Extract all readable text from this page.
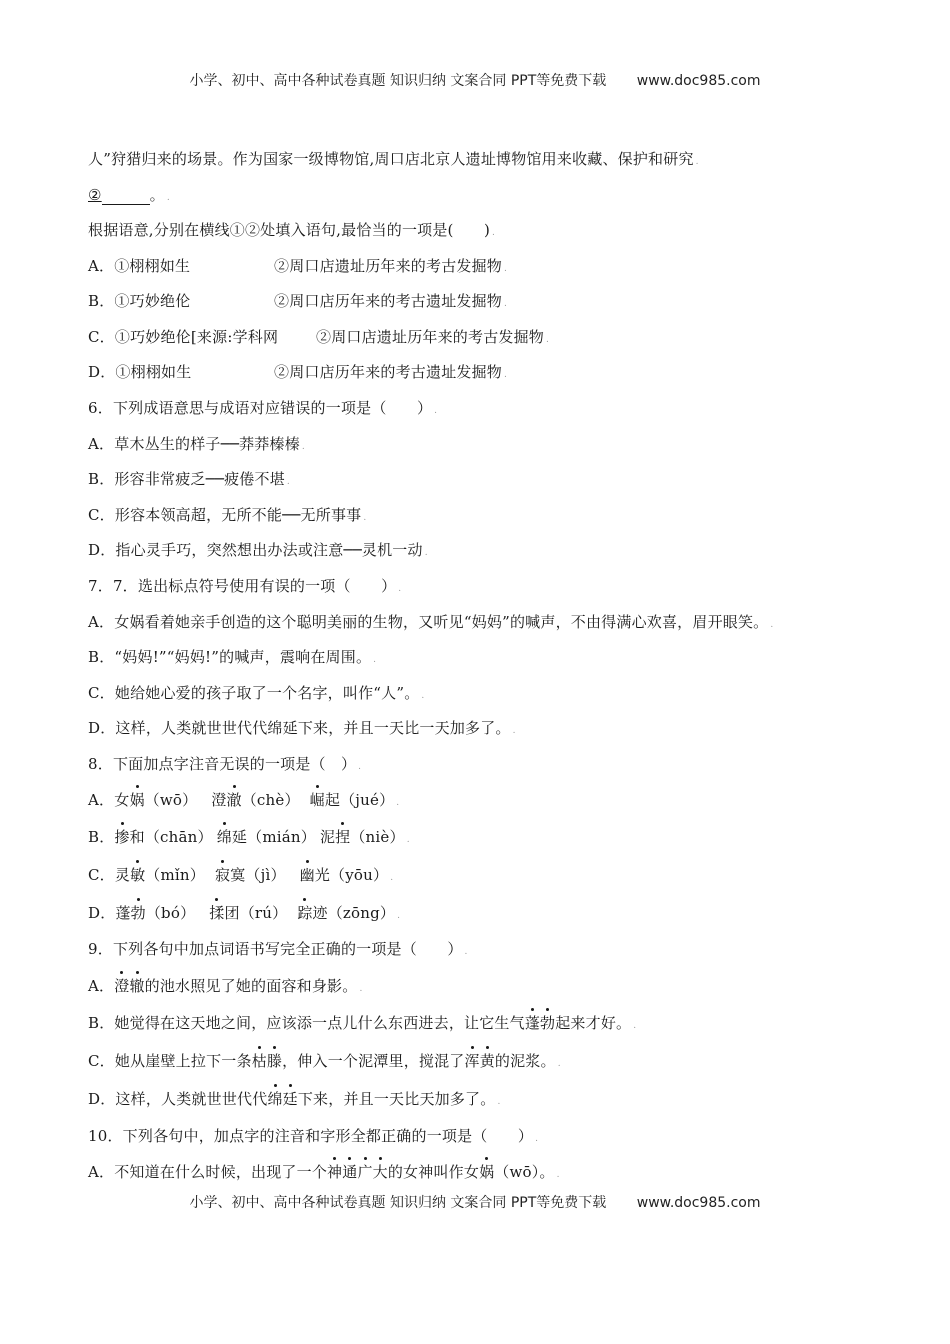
小学、初中、高中各种试卷真题 知识归纳 文案合同 PPT等免费下载 www.doc985.com
人”狩猎归来的场景。作为国家一级博物馆,周口店北京人遗址博物馆用来收藏、保护和研究 .
②	。 .
根据语意,分别在横线①②处填入语句,最恰当的一项是(　　) .
A．①栩栩如生	②周口店遗址历年来的考古发掘物 .
B．①巧妙绝伦	②周口店历年来的考古遗址发掘物 .
C．①巧妙绝伦[来源:学科网	②周口店遗址历年来的考古发掘物 .
D．①栩栩如生	②周口店历年来的考古遗址发掘物 .
6．下列成语意思与成语对应错误的一项是（　　） .
A．草木丛生的样子──莽莽榛榛 .
B．形容非常疲乏──疲倦不堪 .
C．形容本领高超，无所不能──无所事事 .
D．指心灵手巧，突然想出办法或注意──灵机一动 .
7．7．选出标点符号使用有误的一项（　　） .
A．女娲看着她亲手创造的这个聪明美丽的生物，又听见“妈妈”的喊声，不由得满心欢喜，眉开眼笑。 .
B．“妈妈!”“妈妈!”的喊声，震响在周围。 .
C．她给她心爱的孩子取了一个名字，叫作“人”。 .
D．这样，人类就世世代代绵延下来，并且一天比一天加多了。 .
8．下面加点字注音无误的一项是（　） .
A．女娲（wō） 澄澈（chè） 崛起（jué） .
B．掺和（chān） 绵延（mián） 泥捏（niè） .
C．灵敏（mǐn） 寂寞（jì） 幽光（yōu） .
D．蓬勃（bó） 揉团（rú） 踪迹（zōng） .
9．下列各句中加点词语书写完全正确的一项是（　　） .
A．澄辙的池水照见了她的面容和身影。 .
B．她觉得在这天地之间，应该添一点儿什么东西进去，让它生气蓬勃起来才好。 .
C．她从崖壁上拉下一条枯滕，伸入一个泥潭里，搅混了浑黄的泥浆。 .
D．这样，人类就世世代代绵廷下来，并且一天比天加多了。 .
10．下列各句中，加点字的注音和字形全都正确的一项是（　　） .
A．不知道在什么时候，出现了一个神通广大的女神叫作女娲（wō）。 .
小学、初中、高中各种试卷真题 知识归纳 文案合同 PPT等免费下载 www.doc985.com
